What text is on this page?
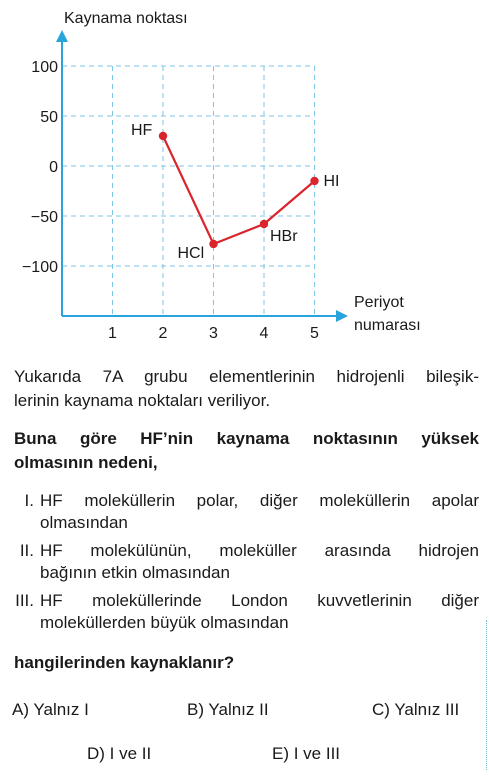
100
50
0
−50
−100
1	2	3	4	5
HF
HCl
HBr
HI
Kaynama noktası
Periyot
numarası
Yukarıda 7A grubu elementlerinin hidrojenli bileşik-
lerinin kaynama noktaları veriliyor.
Buna göre HF’nin kaynama noktasının yüksek
olmasının nedeni,
I. HF moleküllerin polar, diğer moleküllerin apolar
olmasından
II. HF molekülünün, moleküller arasında hidrojen
bağının etkin olmasından
III. HF moleküllerinde London kuvvetlerinin diğer
moleküllerden büyük olmasından
hangilerinden kaynaklanır?
A) Yalnız I	B) Yalnız II	C) Yalnız III
D) I ve II	E) I ve III
